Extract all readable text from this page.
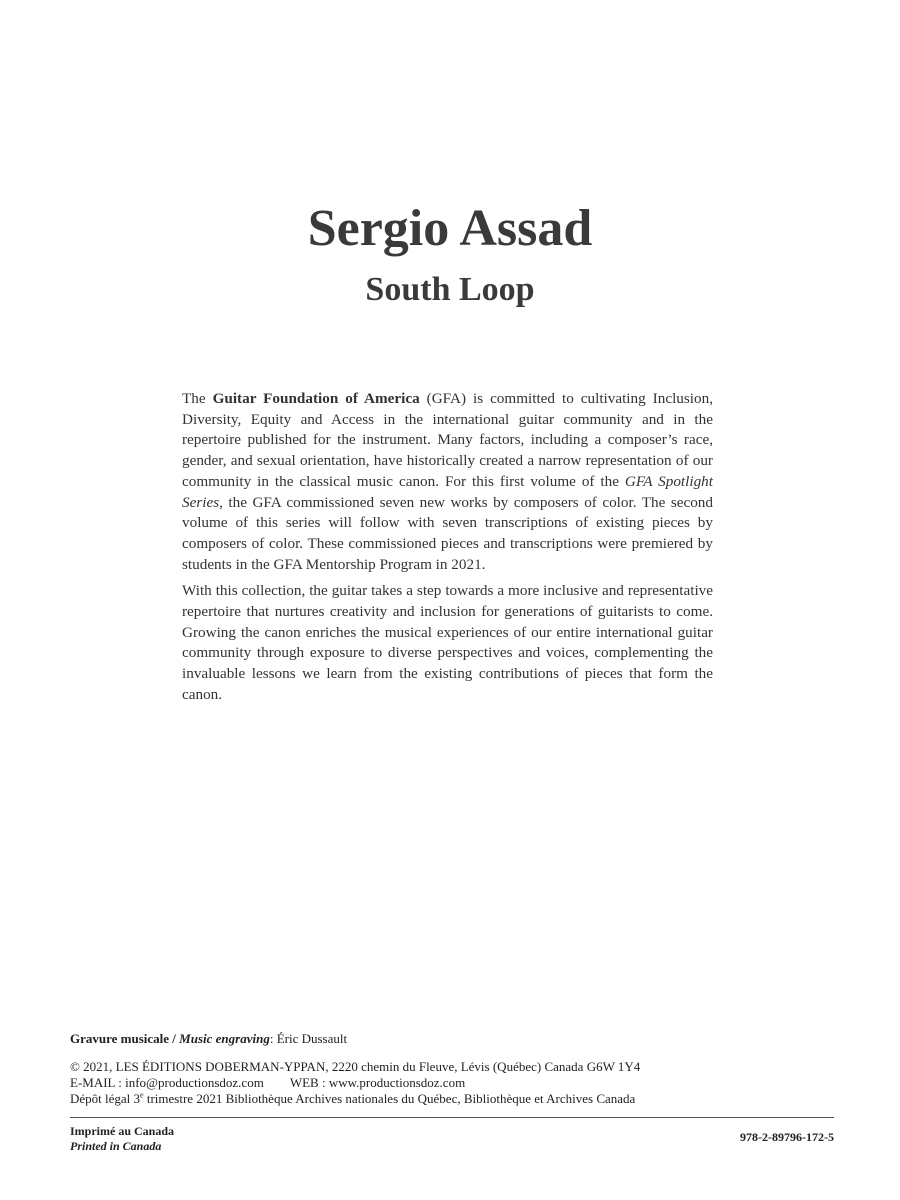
Sergio Assad
South Loop

The Guitar Foundation of America (GFA) is committed to cultivating Inclusion, Diversity, Equity and Access in the international guitar community and in the repertoire published for the instrument. Many factors, including a composer’s race, gender, and sexual orientation, have historically created a narrow representation of our community in the classical music canon. For this first volume of the GFA Spotlight Series, the GFA commissioned seven new works by composers of color. The second volume of this series will follow with seven transcriptions of existing pieces by composers of color. These commissioned pieces and transcriptions were premiered by students in the GFA Mentorship Program in 2021.

With this collection, the guitar takes a step towards a more inclusive and representative repertoire that nurtures creativity and inclusion for generations of guitarists to come. Growing the canon enriches the musical experiences of our entire international guitar community through exposure to diverse perspectives and voices, complementing the invaluable lessons we learn from the existing contributions of pieces that form the canon.

Gravure musicale / Music engraving: Éric Dussault
© 2021, LES ÉDITIONS DOBERMAN-YPPAN, 2220 chemin du Fleuve, Lévis (Québec) Canada G6W 1Y4
E-MAIL : info@productionsdoz.com WEB : www.productionsdoz.com
Dépôt légal 3e trimestre 2021 Bibliothèque Archives nationales du Québec, Bibliothèque et Archives Canada
Imprimé au Canada
Printed in Canada
978-2-89796-172-5
